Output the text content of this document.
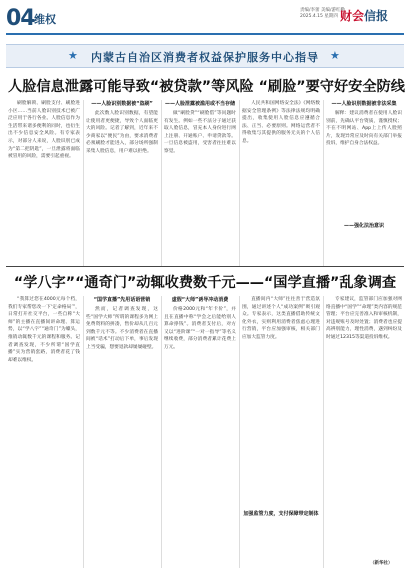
04 维权
责编/李蕾 美编/游红勤
2025.4.15 星期四 财会信报
★	内蒙古自治区消费者权益保护服务中心指导	★
人脸信息泄露可能导致“被贷款”等风险 “刷脸”要守好安全防线

刷脸解锁、刷脸支付、刷脸进小区……当前人脸识别技术已被广泛应用于各行各业。人脸信息作为生活带来诸多便利的同时，也衍生出不少信息安全风险。有专家表示，对部分人来说，人脸识别已成为“第二把钥匙”，一旦泄露将面临被冒用的风险，需要引起重视。

——人脸识别数据被“盗刷”

此次数人脸识别数据，有望能让使用者更便捷，导致个人面临更大的风险。记者了解到，近年来不少商家以“便民”为由，要求消费者必须刷脸才能进入，部分场所强制采集人脸信息，用户难以拒绝。

——人脸泄露被滥用或不当存储

做“刷脸贷”“刷脸借”等问题时有发生。例如一些不法分子通过获取人脸信息，冒充本人身份进行网上注册、开通账户、申请贷款等。一旦信息被盗用，受害者往往难以察觉。

人民共和国网络安全法》《网络数据安全管理条例》等法律法规均明确提出，收集使用人脸信息应遵循合法、正当、必要原则。网络运营者不得收集与其提供的服务无关的个人信息。

——人脸识别数据被非法采集

解释：建议消费者在使用人脸识别前，先确认平台资质，谨慎授权；不在不明网站、App上上传人脸照片，发现异常应及时向有关部门举报投诉，维护自身合法权益。

——强化法治意识
“学八字”“通奇门”动辄收费数千元——“国学直播”乱象调查

“我算过您在4000元每个档，我们专家帮您改一下‘定命格局’”，日常打开社交平台，一些自称“大师”的主播在直播间讲命理、算运势，以“学八字”“通奇门”为噱头，推销动辄数千元的课程和服务。记者调查发现，不少所谓“国学直播”实为营销套路，消费者花了钱却难以维权。

“国学直播”先用话语营销

然而，记者调查发现，这些“国学大师”所谓的课程多为网上免费资料的拼凑，售价却从几百元到数千元不等。不少消费者在直播间被“话术”打动后下单，事后发现上当受骗，想要退款却屡屡碰壁。

虚假“大师”诱导冲动消费

价格2000元和“年卡价”，并且在直播中称“学会之后能给别人算命挣钱”。消费者支付后，对方又以“进阶课”“一对一指导”等名义继续收费，部分消费者累计花费上万元。

直播间内“大师”往往善于营造氛围，通过讲述个人“成功案例”吸引观众。专家表示，这类直播借助传统文化外衣，实则利用消费者焦虑心理进行营销，平台应加强审核，相关部门应加大监管力度。

加强监管力度，支付保障带定制体

专家建议，监管部门应加强对网络直播中“国学”“命理”类内容的规范管理；平台应完善准入和审核机制，对违规账号及时处置；消费者也应提高辨别能力，理性消费，遇到纠纷及时通过12315等渠道投诉维权。

（新华社）
